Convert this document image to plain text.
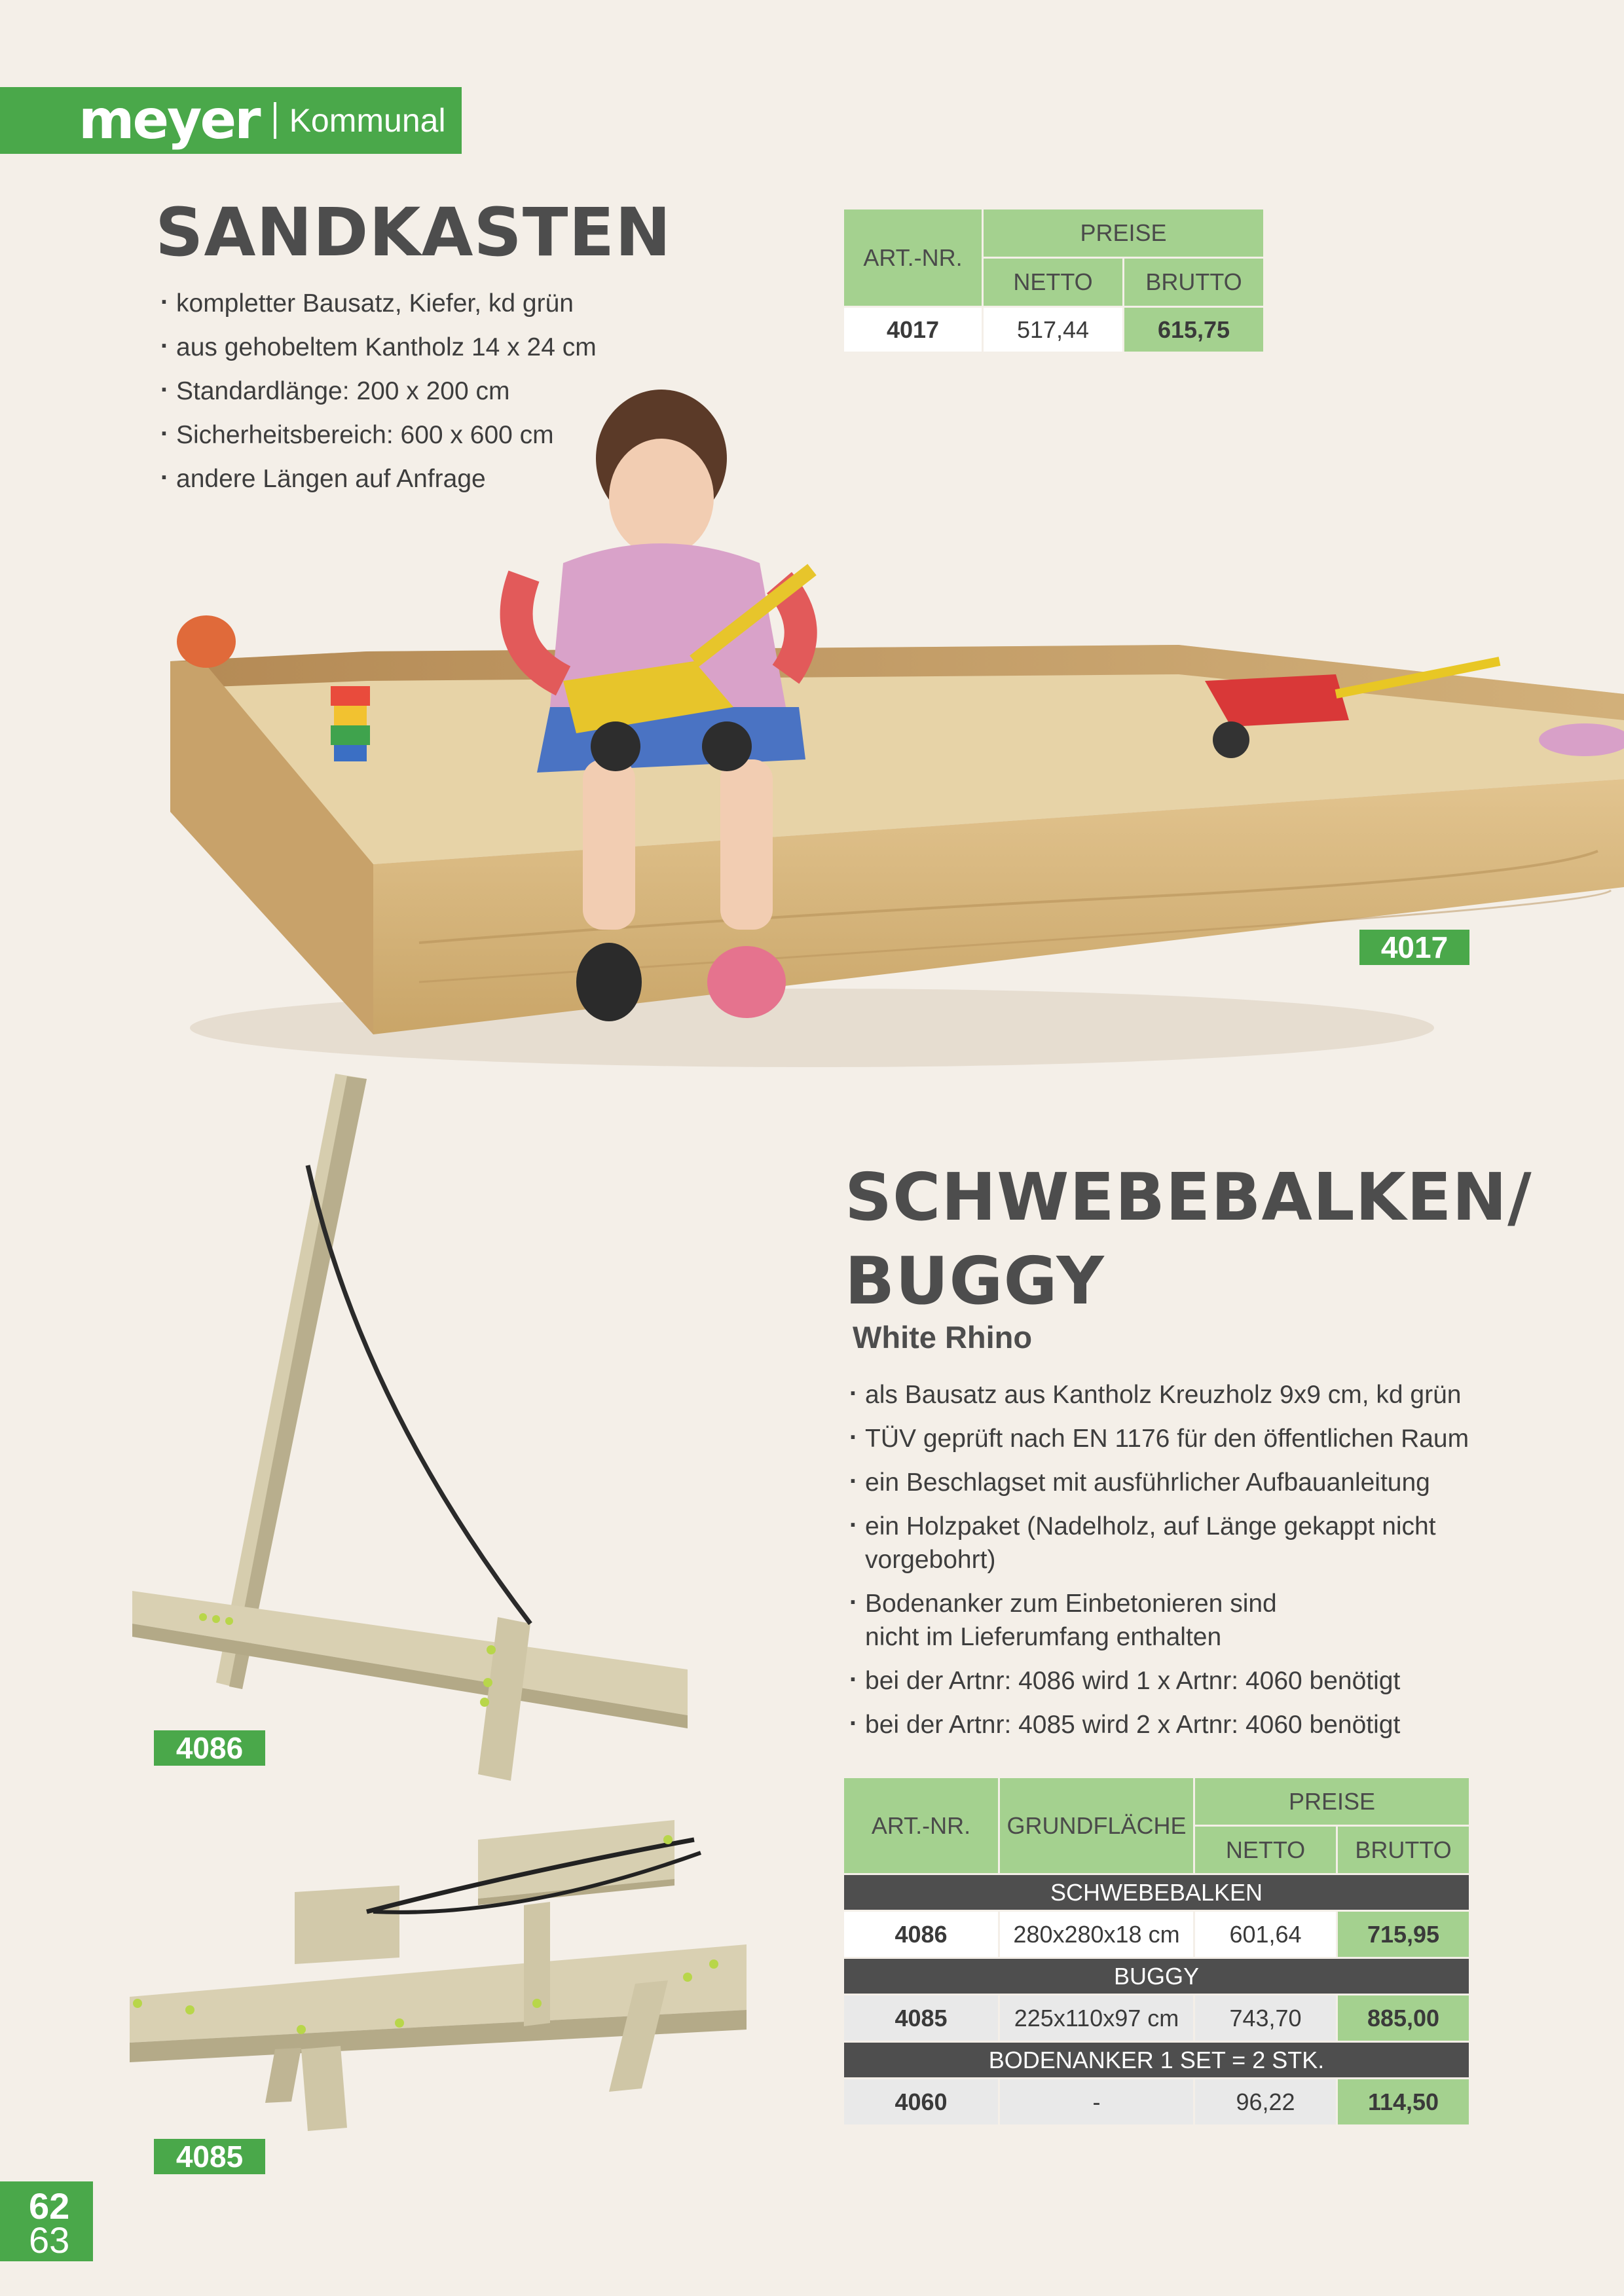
meyer Kommunal
SANDKASTEN
· kompletter Bausatz, Kiefer, kd grün
· aus gehobeltem Kantholz 14 x 24 cm
· Standardlänge: 200 x 200 cm
· Sicherheitsbereich: 600 x 600 cm
· andere Längen auf Anfrage
ART.-NR.	PREISE	
	NETTO	BRUTTO
4017	517,44	615,75
4017
SCHWEBEBALKEN/
BUGGY
White Rhino
· als Bausatz aus Kantholz Kreuzholz 9x9 cm, kd grün
· TÜV geprüft nach EN 1176 für den öffentlichen Raum
· ein Beschlagset mit ausführlicher Aufbauanleitung
· ein Holzpaket (Nadelholz, auf Länge gekappt nicht vorgebohrt)
· Bodenanker zum Einbetonieren sind nicht im Lieferumfang enthalten
· bei der Artnr: 4086 wird 1 x Artnr: 4060 benötigt
· bei der Artnr: 4085 wird 2 x Artnr: 4060 benötigt
ART.-NR.	GRUNDFLÄCHE	PREISE	
		NETTO	BRUTTO
SCHWEBEBALKEN			
4086	280x280x18 cm	601,64	715,95
BUGGY			
4085	225x110x97 cm	743,70	885,00
BODENANKER 1 SET = 2 STK.			
4060	-	96,22	114,50
4086
4085
62
63
